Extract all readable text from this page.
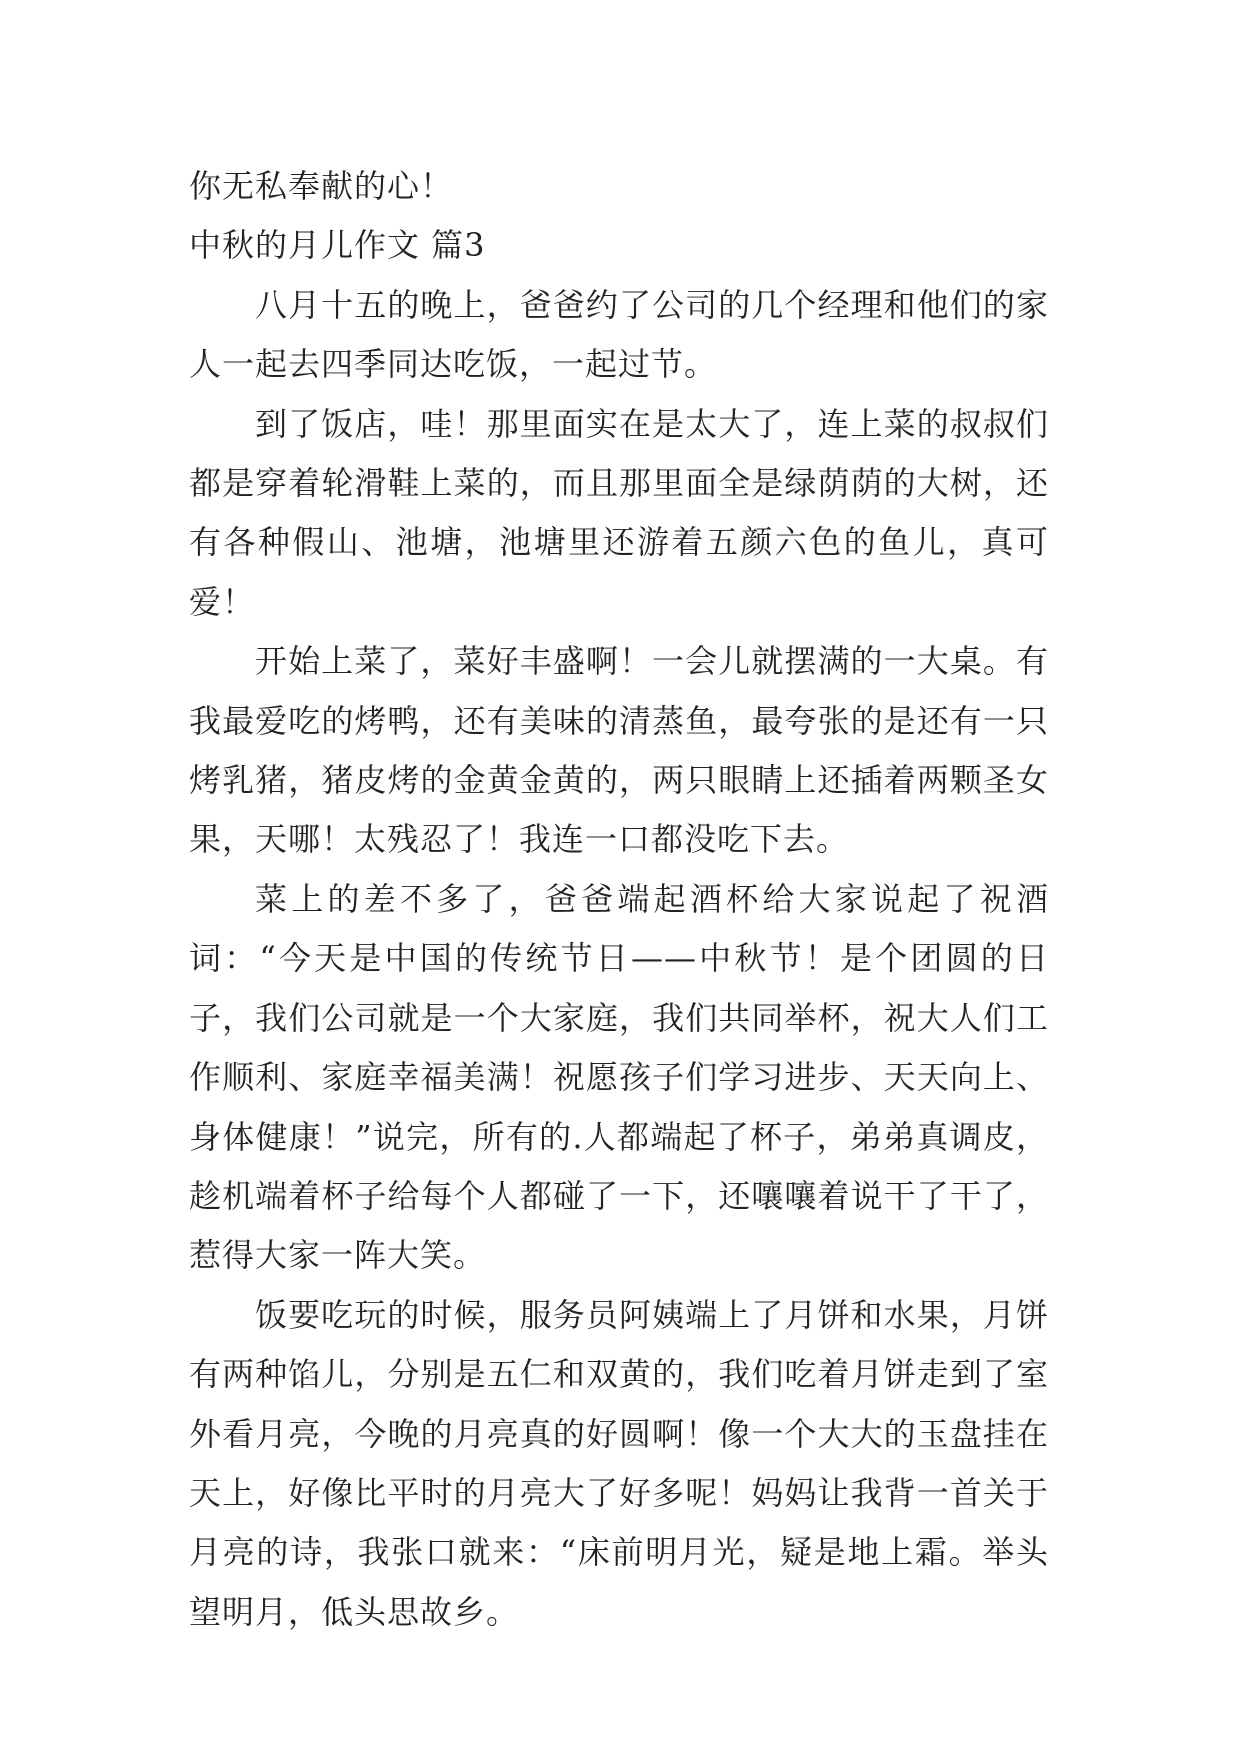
你无私奉献的心！

中秋的月儿作文 篇3

八月十五的晚上，爸爸约了公司的几个经理和他们的家人一起去四季同达吃饭，一起过节。

到了饭店，哇！那里面实在是太大了，连上菜的叔叔们都是穿着轮滑鞋上菜的，而且那里面全是绿荫荫的大树，还有各种假山、池塘，池塘里还游着五颜六色的鱼儿，真可爱！

开始上菜了，菜好丰盛啊！一会儿就摆满的一大桌。有我最爱吃的烤鸭，还有美味的清蒸鱼，最夸张的是还有一只烤乳猪，猪皮烤的金黄金黄的，两只眼睛上还插着两颗圣女果，天哪！太残忍了！我连一口都没吃下去。

菜上的差不多了，爸爸端起酒杯给大家说起了祝酒词：“今天是中国的传统节日——中秋节！是个团圆的日子，我们公司就是一个大家庭，我们共同举杯，祝大人们工作顺利、家庭幸福美满！祝愿孩子们学习进步、天天向上、身体健康！”说完，所有的.人都端起了杯子，弟弟真调皮，趁机端着杯子给每个人都碰了一下，还嚷嚷着说干了干了，惹得大家一阵大笑。

饭要吃玩的时候，服务员阿姨端上了月饼和水果，月饼有两种馅儿，分别是五仁和双黄的，我们吃着月饼走到了室外看月亮，今晚的月亮真的好圆啊！像一个大大的玉盘挂在天上，好像比平时的月亮大了好多呢！妈妈让我背一首关于月亮的诗，我张口就来：“床前明月光，疑是地上霜。举头望明月，低头思故乡。
